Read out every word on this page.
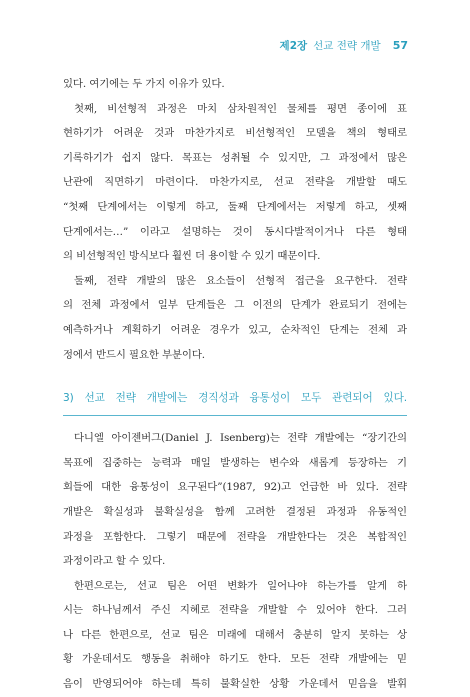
제2장 선교 전략 개발 57
있다. 여기에는 두 가지 이유가 있다.
첫째, 비선형적 과정은 마치 삼차원적인 물체를 평면 종이에 표
현하기가 어려운 것과 마찬가지로 비선형적인 모델을 책의 형태로
기록하기가 쉽지 않다. 목표는 성취될 수 있지만, 그 과정에서 많은
난관에 직면하기 마련이다. 마찬가지로, 선교 전략을 개발할 때도
“첫째 단계에서는 이렇게 하고, 둘째 단계에서는 저렇게 하고, 셋째
단계에서는…” 이라고 설명하는 것이 동시다발적이거나 다른 형태
의 비선형적인 방식보다 훨씬 더 용이할 수 있기 때문이다.
둘째, 전략 개발의 많은 요소들이 선형적 접근을 요구한다. 전략
의 전체 과정에서 일부 단계들은 그 이전의 단계가 완료되기 전에는
예측하거나 계획하기 어려운 경우가 있고, 순차적인 단계는 전체 과
정에서 반드시 필요한 부분이다.
3) 선교 전략 개발에는 경직성과 융통성이 모두 관련되어 있다.
다니엘 아이젠버그(Daniel J. Isenberg)는 전략 개발에는 “장기간의
목표에 집중하는 능력과 매일 발생하는 변수와 새롭게 등장하는 기
회들에 대한 융통성이 요구된다”(1987, 92)고 언급한 바 있다. 전략
개발은 확실성과 불확실성을 함께 고려한 결정된 과정과 유동적인
과정을 포함한다. 그렇기 때문에 전략을 개발한다는 것은 복합적인
과정이라고 할 수 있다.
한편으로는, 선교 팀은 어떤 변화가 일어나야 하는가를 알게 하
시는 하나님께서 주신 지혜로 전략을 개발할 수 있어야 한다. 그러
나 다른 한편으로, 선교 팀은 미래에 대해서 충분히 알지 못하는 상
황 가운데서도 행동을 취해야 하기도 한다. 모든 전략 개발에는 믿
음이 반영되어야 하는데 특히 불확실한 상황 가운데서 믿음을 발휘
